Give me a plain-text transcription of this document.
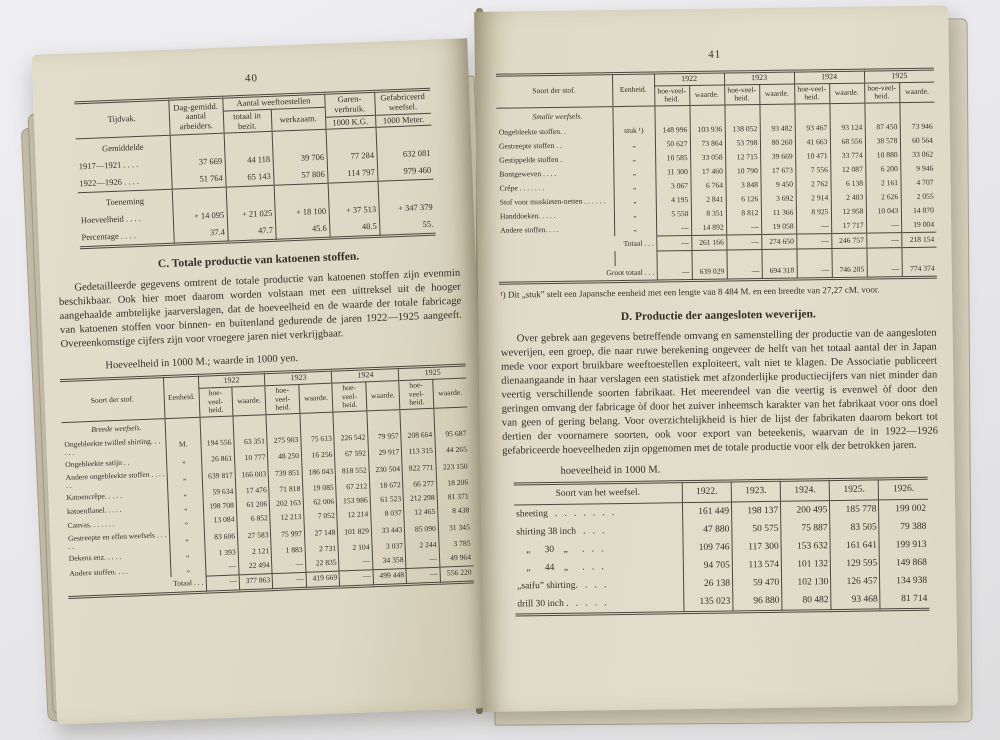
40
Tijdvak.	Dag-gemidd. aantal arbeiders.	Aantal weeftoestellen		Garen-verbruik.	Gefabriceerd weefsel.
		totaal in bezit.	werkzaam.		
				1000 K.G.	1000 Meter.
Gemiddelde					
1917—1921 . . . .	37 669	44 118	39 706	77 284	632 081
1922—1926 . . . .	51 764	65 143	57 806	114 797	979 460
Toeneming					
Hoeveelheid . . . .	+ 14 095	+ 21 025	+ 18 100	+ 37 513	+ 347 379
Percentage . . . .	37.4	47.7	45.6	48.5	55.
C. Totale productie van katoenen stoffen.
Gedetailleerde gegevens omtrent de totale productie van katoenen stoffen zijn evenmin beschikbaar. Ook hier moet daarom worden volstaan met een uittreksel uit de hooger aangehaalde ambtelijke jaarverslagen, dat de hoeveelheid en de waarde der totale fabricage van katoenen stoffen voor binnen- en buitenland gedurende de jaren 1922—1925 aangeeft. Overeenkomstige cijfers zijn voor vroegere jaren niet verkrijgbaar.
Hoeveelheid in 1000 M.; waarde in 1000 yen.
Soort der stof.	Eenheid.	1922		1923		1924		1925	
		hoe-veel-heid.	waarde.	hoe-veel-heid.	waarde.	hoe-veel-heid.	waarde.	hoe-veel-heid.	waarde.
Breede weefsels.									
Ongebleekte twilled shirting. . . . . .	M.	194 556	63 351	275 903	75 613	226 542	79 957	208 664	95 687
Ongebleekte satijn . .	„	26 861	10 777	48 250	16 256	67 592	29 917	113 315	44 265
Andere ongebleekte stoffen . . . . . .	„	639 817	166 003	739 851	186 043	818 552	230 504	822 771	223 150
Katoencrêpe. . . . .	„	59 634	17 476	71 818	19 085	67 212	18 672	66 277	18 206
katoenflanel. . . . .	„	198 708	61 206	202 163	62 006	153 986	61 523	212 298	81 371
Canvas. . . . . . .	„	13 084	6 852	12 213	7 052	12 214	8 037	12 465	8 438
Gestreepte en effen weefsels . . . . .	„	83 606	27 583	75 997	27 148	101 829	33 443	85 090	31 345
Dekens enz. . . . .	„	1 393	2 121	1 883	2 731	2 104	3 037	2 244	3 785
Andere stoffen. . . .	„	—	22 494	—	22 835	—	34 358	—	49 964
Totaal . . .		—	377 863	—	419 669	—	499 448	—	556 220
41
Soort der stof.	Eenheid.	1922		1923		1924		1925	
		hoe-veel-heid.	waarde.	hoe-veel-heid.	waarde.	hoe-veel-heid.	waarde.	hoe-veel-heid.	waarde.
Smalle weefsels.									
Ongebleekte stoffen. .	stuk ¹)	148 996	103 936	138 052	93 482	93 467	93 124	87 450	73 946
Gestreepte stoffen . .	„	50 627	73 864	53 798	80 260	41 663	68 556	38 578	60 564
Gestippelde stoffen .	„	10 585	33 058	12 715	39 669	10 471	33 774	10 880	33 062
Bontgeweven . . . .	„	11 300	17 460	10 790	17 673	7 556	12 087	6 200	9 946
Crêpe . . . . . . .	„	3 067	6 764	3 848	9 450	2 762	6 138	2 161	4 707
Stof voor muskieten-netten . . . . . .	„	4 195	2 841	6 126	3 692	2 914	2 403	2 626	2 055
Handdoeken. . . . .	„	5 550	8 351	8 812	11 366	8 925	12 958	10 043	14 870
Andere stoffen. . . .	„	—	14 892	—	19 058	—	17 717	—	19 004
Totaal . . .		—	261 166	—	274 650	—	246 757	—	218 154

Groot totaal . . .		—	639 029	—	694 318	—	746 205	—	774 374
¹) Dit „stuk” stelt een Japansche eenheid met een lengte van 8 484 M. en een breedte van 27,27 cM. voor.
D. Productie der aangesloten weverijen.
Over gebrek aan gegevens betreffende omvang en samenstelling der productie van de aangesloten weverijen, een groep, die naar ruwe berekening ongeveer de helft van het totaal aantal der in Japan mede voor export bruikbare weeftoestellen exploiteert, valt niet te klagen. De Associatie publiceert dienaangaande in haar verslagen een statistiek met afzonderlijke productiecijfers van niet minder dan veertig verschillende soorten fabrikaat. Het meerendeel van die veertig is evenwel òf door den geringen omvang der fabricage òf door het zuiver inheemsch karakter van het fabrikaat voor ons doel van geen of gering belang. Voor overzichtelijkheid is hier de lijst der fabrikaten daarom bekort tot dertien der voornamere soorten, ook voor export van beteekenis, waarvan de in 1922—1926 gefabriceerde hoeveelheden zijn opgenomen met de totale productie voor elk der betrokken jaren.
hoeveelheid in 1000 M.
Soort van het weefsel.	1922.	1923.	1924.	1925.	1926.
sheeting   .   .   .   .   .   .   .	161 449	198 137	200 495	185 778	199 002
shirting 38 inch   .   .   .	47 880	50 575	75 887	83 505	79 388
„      30    „      .   .   .	109 746	117 300	153 632	161 641	199 913
„      44    „      .   .   .	94 705	113 574	101 132	129 595	149 868
„saifu” shirting.   .   .   .	26 138	59 470	102 130	126 457	134 938
drill 30 inch .   .   .   .   .	135 023	96 880	80 482	93 468	81 714
